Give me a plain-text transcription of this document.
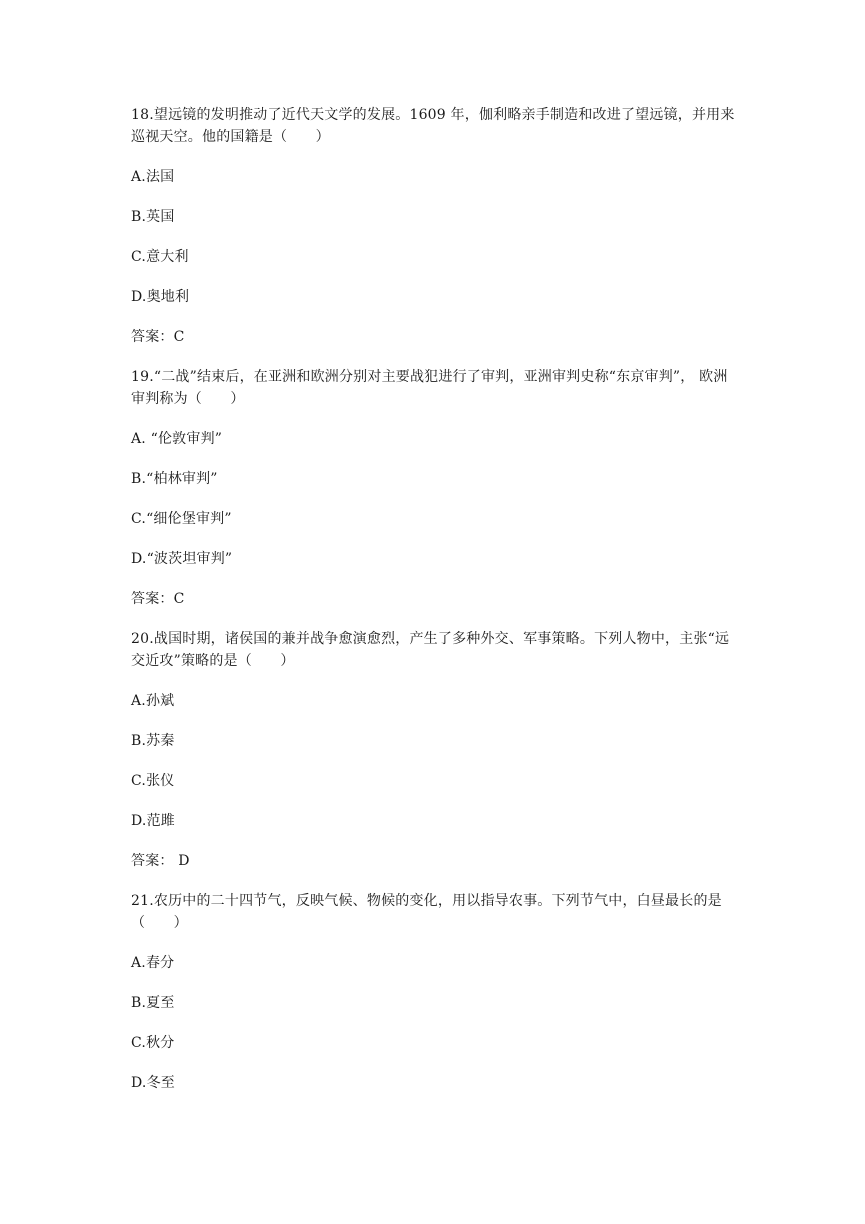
18.望远镜的发明推动了近代天文学的发展。1609 年，伽利略亲手制造和改进了望远镜，并用来巡视天空。他的国籍是（　　）

A.法国

B.英国

C.意大利

D.奥地利

答案：C

19.“二战”结束后，在亚洲和欧洲分别对主要战犯进行了审判，亚洲审判史称“东京审判”， 欧洲审判称为（　　）

A. “伦敦审判”

B.“柏林审判”

C.“细伦堡审判”

D.“波茨坦审判”

答案：C

20.战国时期，诸侯国的兼并战争愈演愈烈，产生了多种外交、军事策略。下列人物中，主张“远交近攻”策略的是（　　）

A.孙斌

B.苏秦

C.张仪

D.范雎

答案： D

21.农历中的二十四节气，反映气候、物候的变化，用以指导农事。下列节气中，白昼最长的是（　　）

A.春分

B.夏至

C.秋分

D.冬至
